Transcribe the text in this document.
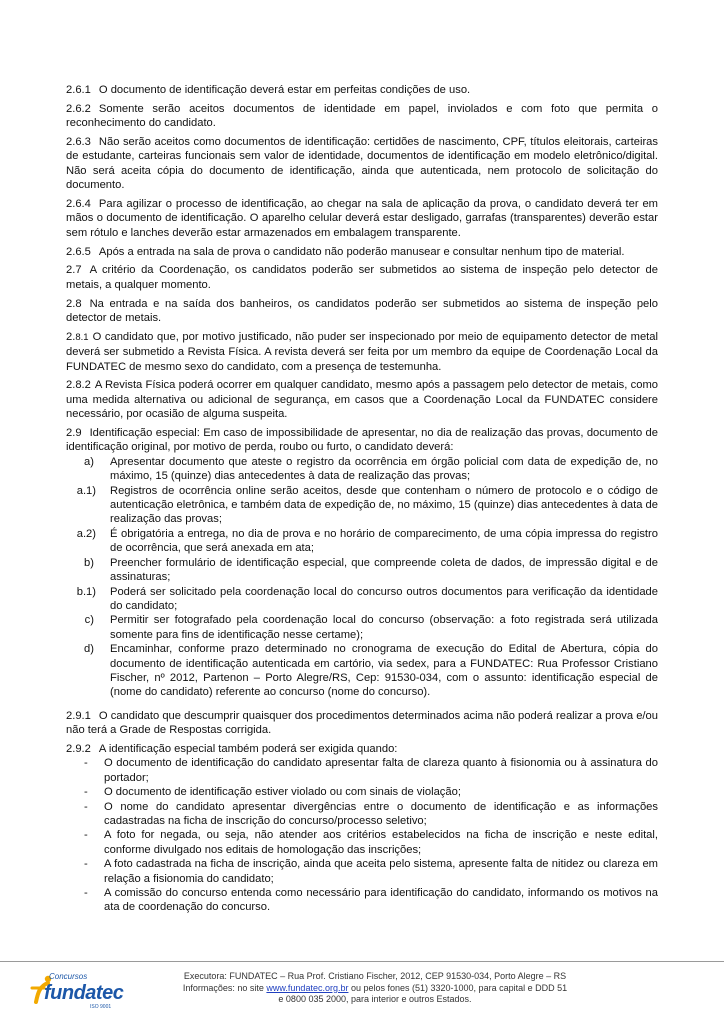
2.6.1 O documento de identificação deverá estar em perfeitas condições de uso.

2.6.2 Somente serão aceitos documentos de identidade em papel, inviolados e com foto que permita o reconhecimento do candidato.

2.6.3 Não serão aceitos como documentos de identificação: certidões de nascimento, CPF, títulos eleitorais, carteiras de estudante, carteiras funcionais sem valor de identidade, documentos de identificação em modelo eletrônico/digital. Não será aceita cópia do documento de identificação, ainda que autenticada, nem protocolo de solicitação do documento.

2.6.4 Para agilizar o processo de identificação, ao chegar na sala de aplicação da prova, o candidato deverá ter em mãos o documento de identificação. O aparelho celular deverá estar desligado, garrafas (transparentes) deverão estar sem rótulo e lanches deverão estar armazenados em embalagem transparente.

2.6.5 Após a entrada na sala de prova o candidato não poderão manusear e consultar nenhum tipo de material.

2.7 A critério da Coordenação, os candidatos poderão ser submetidos ao sistema de inspeção pelo detector de metais, a qualquer momento.

2.8 Na entrada e na saída dos banheiros, os candidatos poderão ser submetidos ao sistema de inspeção pelo detector de metais.

2.8.1 O candidato que, por motivo justificado, não puder ser inspecionado por meio de equipamento detector de metal deverá ser submetido a Revista Física. A revista deverá ser feita por um membro da equipe de Coordenação Local da FUNDATEC de mesmo sexo do candidato, com a presença de testemunha.

2.8.2 A Revista Física poderá ocorrer em qualquer candidato, mesmo após a passagem pelo detector de metais, como uma medida alternativa ou adicional de segurança, em casos que a Coordenação Local da FUNDATEC considere necessário, por ocasião de alguma suspeita.

2.9 Identificação especial: Em caso de impossibilidade de apresentar, no dia de realização das provas, documento de identificação original, por motivo de perda, roubo ou furto, o candidato deverá:

a) Apresentar documento que ateste o registro da ocorrência em órgão policial com data de expedição de, no máximo, 15 (quinze) dias antecedentes à data de realização das provas;

a.1) Registros de ocorrência online serão aceitos, desde que contenham o número de protocolo e o código de autenticação eletrônica, e também data de expedição de, no máximo, 15 (quinze) dias antecedentes à data de realização das provas;

a.2) É obrigatória a entrega, no dia de prova e no horário de comparecimento, de uma cópia impressa do registro de ocorrência, que será anexada em ata;

b) Preencher formulário de identificação especial, que compreende coleta de dados, de impressão digital e de assinaturas;

b.1) Poderá ser solicitado pela coordenação local do concurso outros documentos para verificação da identidade do candidato;

c) Permitir ser fotografado pela coordenação local do concurso (observação: a foto registrada será utilizada somente para fins de identificação nesse certame);

d) Encaminhar, conforme prazo determinado no cronograma de execução do Edital de Abertura, cópia do documento de identificação autenticada em cartório, via sedex, para a FUNDATEC: Rua Professor Cristiano Fischer, nº 2012, Partenon – Porto Alegre/RS, Cep: 91530-034, com o assunto: identificação especial de (nome do candidato) referente ao concurso (nome do concurso).

2.9.1 O candidato que descumprir quaisquer dos procedimentos determinados acima não poderá realizar a prova e/ou não terá a Grade de Respostas corrigida.

2.9.2 A identificação especial também poderá ser exigida quando:

- O documento de identificação do candidato apresentar falta de clareza quanto à fisionomia ou à assinatura do portador;

- O documento de identificação estiver violado ou com sinais de violação;

- O nome do candidato apresentar divergências entre o documento de identificação e as informações cadastradas na ficha de inscrição do concurso/processo seletivo;

- A foto for negada, ou seja, não atender aos critérios estabelecidos na ficha de inscrição e neste edital, conforme divulgado nos editais de homologação das inscrições;

- A foto cadastrada na ficha de inscrição, ainda que aceita pelo sistema, apresente falta de nitidez ou clareza em relação a fisionomia do candidato;

- A comissão do concurso entenda como necessário para identificação do candidato, informando os motivos na ata de coordenação do concurso.

Concursos
fundatec
ISO 9001
Executora: FUNDATEC – Rua Prof. Cristiano Fischer, 2012, CEP 91530-034, Porto Alegre – RS
Informações: no site www.fundatec.org.br ou pelos fones (51) 3320-1000, para capital e DDD 51
e 0800 035 2000, para interior e outros Estados.
